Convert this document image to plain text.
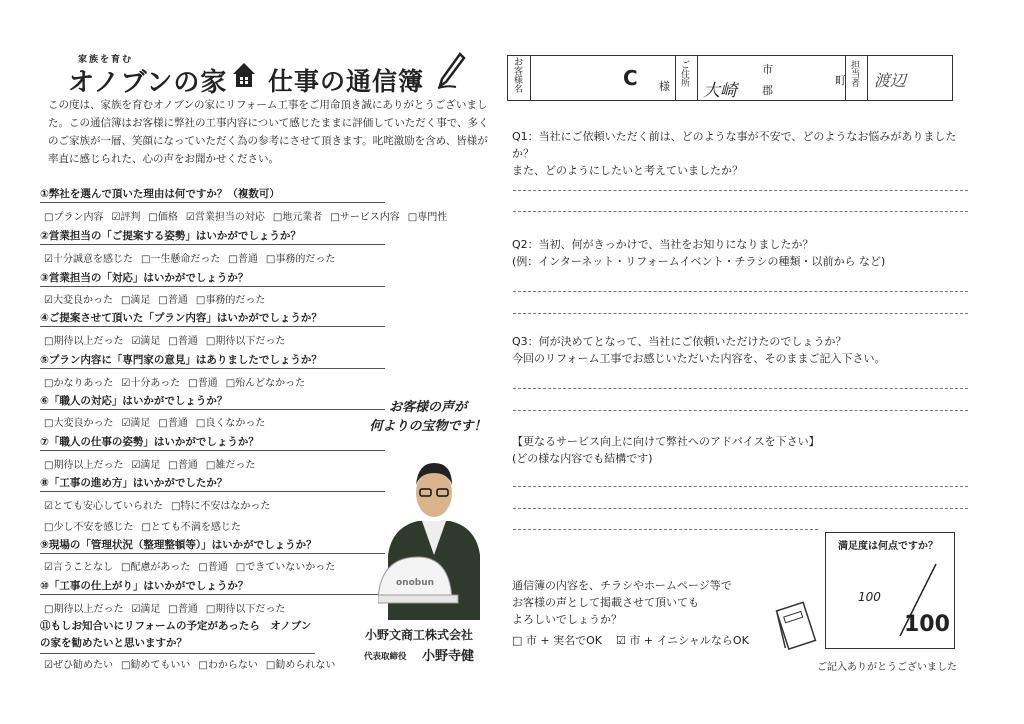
家族を育む
オノブンの家 仕事の通信簿
この度は、家族を育むオノブンの家にリフォーム工事をご用命頂き誠にありがとうございました。この通信簿はお客様に弊社の工事内容について感じたままに評価していただく事で、多くのご家族が一層、笑顔になっていただく為の参考にさせて頂きます。叱咤激励を含め、皆様が率直に感じられた、心の声をお聞かせください。
①弊社を選んで頂いた理由は何ですか？（複数可）
□ プラン内容 ☑ 評判 □ 価格 ☑ 営業担当の対応 □ 地元業者 □ サービス内容 □ 専門性
②営業担当の「ご提案する姿勢」はいかがでしょうか？
☑ 十分誠意を感じた □ 一生懸命だった □ 普通 □ 事務的だった
③営業担当の「対応」はいかがでしょうか？
☑ 大変良かった □ 満足 □ 普通 □ 事務的だった
④ご提案させて頂いた「プラン内容」はいかがでしょうか？
□ 期待以上だった ☑ 満足 □ 普通 □ 期待以下だった
⑤プラン内容に「専門家の意見」はありましたでしょうか？
□ かなりあった ☑ 十分あった □ 普通 □ 殆んどなかった
⑥「職人の対応」はいかがでしょうか？
□ 大変良かった ☑ 満足 □ 普通 □ 良くなかった
⑦「職人の仕事の姿勢」はいかがでしょうか？
□ 期待以上だった ☑ 満足 □ 普通 □ 雑だった
⑧「工事の進め方」はいかがでしたか？
☑ とても安心していられた □ 特に不安はなかった
□ 少し不安を感じた □ とても不満を感じた
⑨現場の「管理状況（整理整頓等）」はいかがでしょうか？
☑ 言うことなし □ 配慮があった □ 普通 □ できていないかった
⑩「工事の仕上がり」はいかがでしょうか？
□ 期待以上だった ☑ 満足 □ 普通 □ 期待以下だった
⑪もしお知合いにリフォームの予定があったら　オノブンの家を勧めたいと思いますか？
☑ ぜひ勧めたい □ 勧めてもいい □ わからない □ 勧められない
お客様の声が
何よりの宝物です！
onobun
小野文商工株式会社
代表取締役 小野寺健
お客様名	C 様
ご住所
市
大崎 郡
町
担当者 渡辺
Q1：当社にご依頼いただく前は、どのような事が不安で、どのようなお悩みがありましたか？
また、どのようにしたいと考えていましたか？
Q2：当初、何がきっかけで、当社をお知りになりましたか？
(例：インターネット・リフォームイベント・チラシの種類・以前から など)
Q3：何が決めてとなって、当社にご依頼いただけたのでしょうか？
今回のリフォーム工事でお感じいただいた内容を、そのままご記入下さい。
【更なるサービス向上に向けて弊社へのアドバイスを下さい】
(どの様な内容でも結構です)
通信簿の内容を、チラシやホームページ等で
お客様の声として掲載させて頂いても
よろしいでしょうか？
□ 市 + 実名でOK ☑ 市 + イニシャルならOK
満足度は何点ですか？
100
100
ご記入ありがとうございました
